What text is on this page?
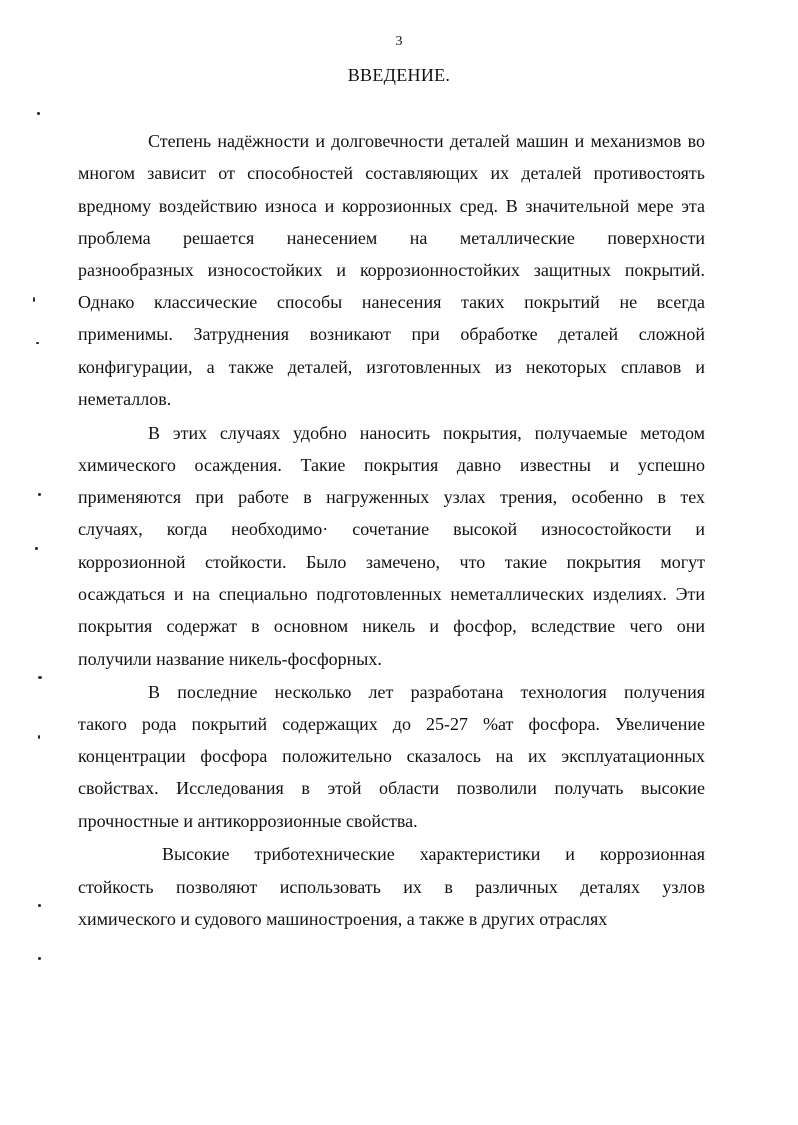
3
ВВЕДЕНИЕ.
Степень надёжности и долговечности деталей машин и механизмов во
многом зависит от способностей составляющих их деталей противостоять
вредному воздействию износа и коррозионных сред. В значительной мере эта
проблема решается нанесением на металлические поверхности
разнообразных износостойких и коррозионностойких защитных покрытий.
Однако классические способы нанесения таких покрытий не всегда
применимы. Затруднения возникают при обработке деталей сложной
конфигурации, а также деталей, изготовленных из некоторых сплавов и
неметаллов.
В этих случаях удобно наносить покрытия, получаемые методом
химического осаждения. Такие покрытия давно известны и успешно
применяются при работе в нагруженных узлах трения, особенно в тех
случаях, когда необходимо· сочетание высокой износостойкости и
коррозионной стойкости. Было замечено, что такие покрытия могут
осаждаться и на специально подготовленных неметаллических изделиях. Эти
покрытия содержат в основном никель и фосфор, вследствие чего они
получили название никель-фосфорных.
В последние несколько лет разработана технология получения
такого рода покрытий содержащих до 25-27 %ат фосфора. Увеличение
концентрации фосфора положительно сказалось на их эксплуатационных
свойствах. Исследования в этой области позволили получать высокие
прочностные и антикоррозионные свойства.
Высокие триботехнические характеристики и коррозионная
стойкость позволяют использовать их в различных деталях узлов
химического и судового машиностроения, а также в других отраслях
